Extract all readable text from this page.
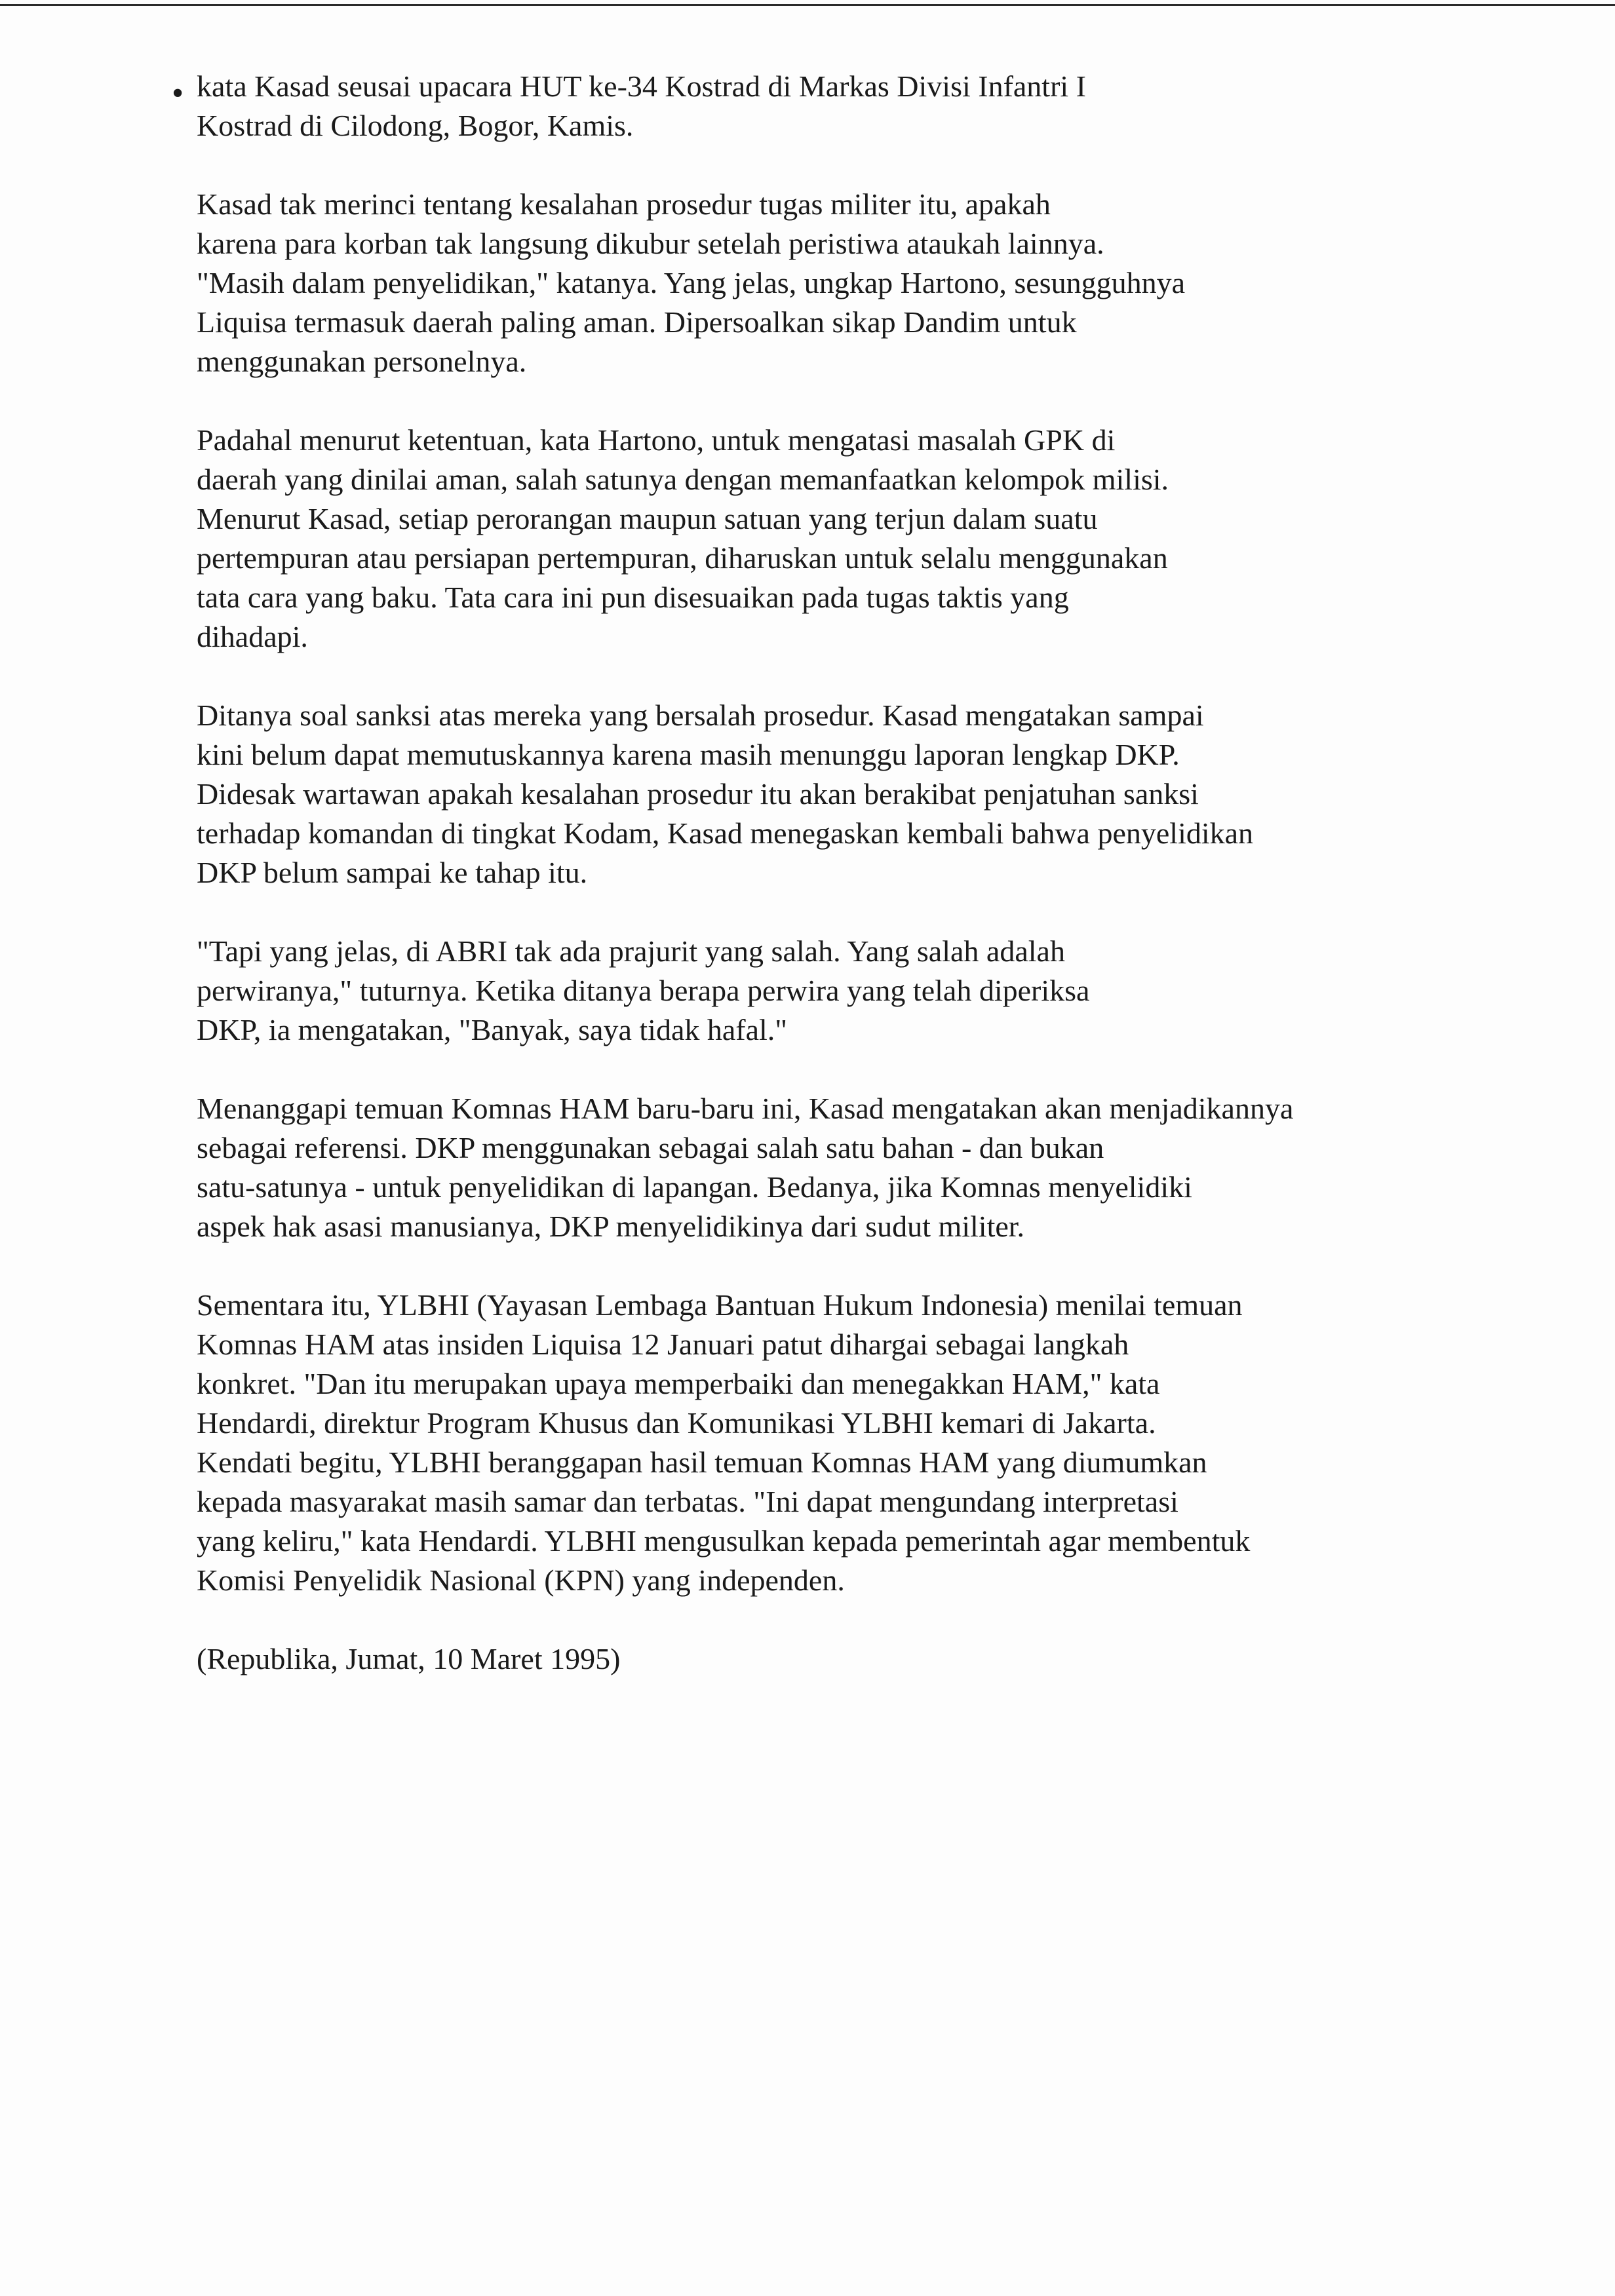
• kata Kasad seusai upacara HUT ke-34 Kostrad di Markas Divisi Infantri I
Kostrad di Cilodong, Bogor, Kamis.
Kasad tak merinci tentang kesalahan prosedur tugas militer itu, apakah
karena para korban tak langsung dikubur setelah peristiwa ataukah lainnya.
"Masih dalam penyelidikan," katanya. Yang jelas, ungkap Hartono, sesungguhnya
Liquisa termasuk daerah paling aman. Dipersoalkan sikap Dandim untuk
menggunakan personelnya.
Padahal menurut ketentuan, kata Hartono, untuk mengatasi masalah GPK di
daerah yang dinilai aman, salah satunya dengan memanfaatkan kelompok milisi.
Menurut Kasad, setiap perorangan maupun satuan yang terjun dalam suatu
pertempuran atau persiapan pertempuran, diharuskan untuk selalu menggunakan
tata cara yang baku. Tata cara ini pun disesuaikan pada tugas taktis yang
dihadapi.
Ditanya soal sanksi atas mereka yang bersalah prosedur. Kasad mengatakan sampai
kini belum dapat memutuskannya karena masih menunggu laporan lengkap DKP.
Didesak wartawan apakah kesalahan prosedur itu akan berakibat penjatuhan sanksi
terhadap komandan di tingkat Kodam, Kasad menegaskan kembali bahwa penyelidikan
DKP belum sampai ke tahap itu.
"Tapi yang jelas, di ABRI tak ada prajurit yang salah. Yang salah adalah
perwiranya," tuturnya. Ketika ditanya berapa perwira yang telah diperiksa
DKP, ia mengatakan, "Banyak, saya tidak hafal."
Menanggapi temuan Komnas HAM baru-baru ini, Kasad mengatakan akan menjadikannya
sebagai referensi. DKP menggunakan sebagai salah satu bahan - dan bukan
satu-satunya - untuk penyelidikan di lapangan. Bedanya, jika Komnas menyelidiki
aspek hak asasi manusianya, DKP menyelidikinya dari sudut militer.
Sementara itu, YLBHI (Yayasan Lembaga Bantuan Hukum Indonesia) menilai temuan
Komnas HAM atas insiden Liquisa 12 Januari patut dihargai sebagai langkah
konkret. "Dan itu merupakan upaya memperbaiki dan menegakkan HAM," kata
Hendardi, direktur Program Khusus dan Komunikasi YLBHI kemari di Jakarta.
Kendati begitu, YLBHI beranggapan hasil temuan Komnas HAM yang diumumkan
kepada masyarakat masih samar dan terbatas. "Ini dapat mengundang interpretasi
yang keliru," kata Hendardi. YLBHI mengusulkan kepada pemerintah agar membentuk
Komisi Penyelidik Nasional (KPN) yang independen.
(Republika, Jumat, 10 Maret 1995)
